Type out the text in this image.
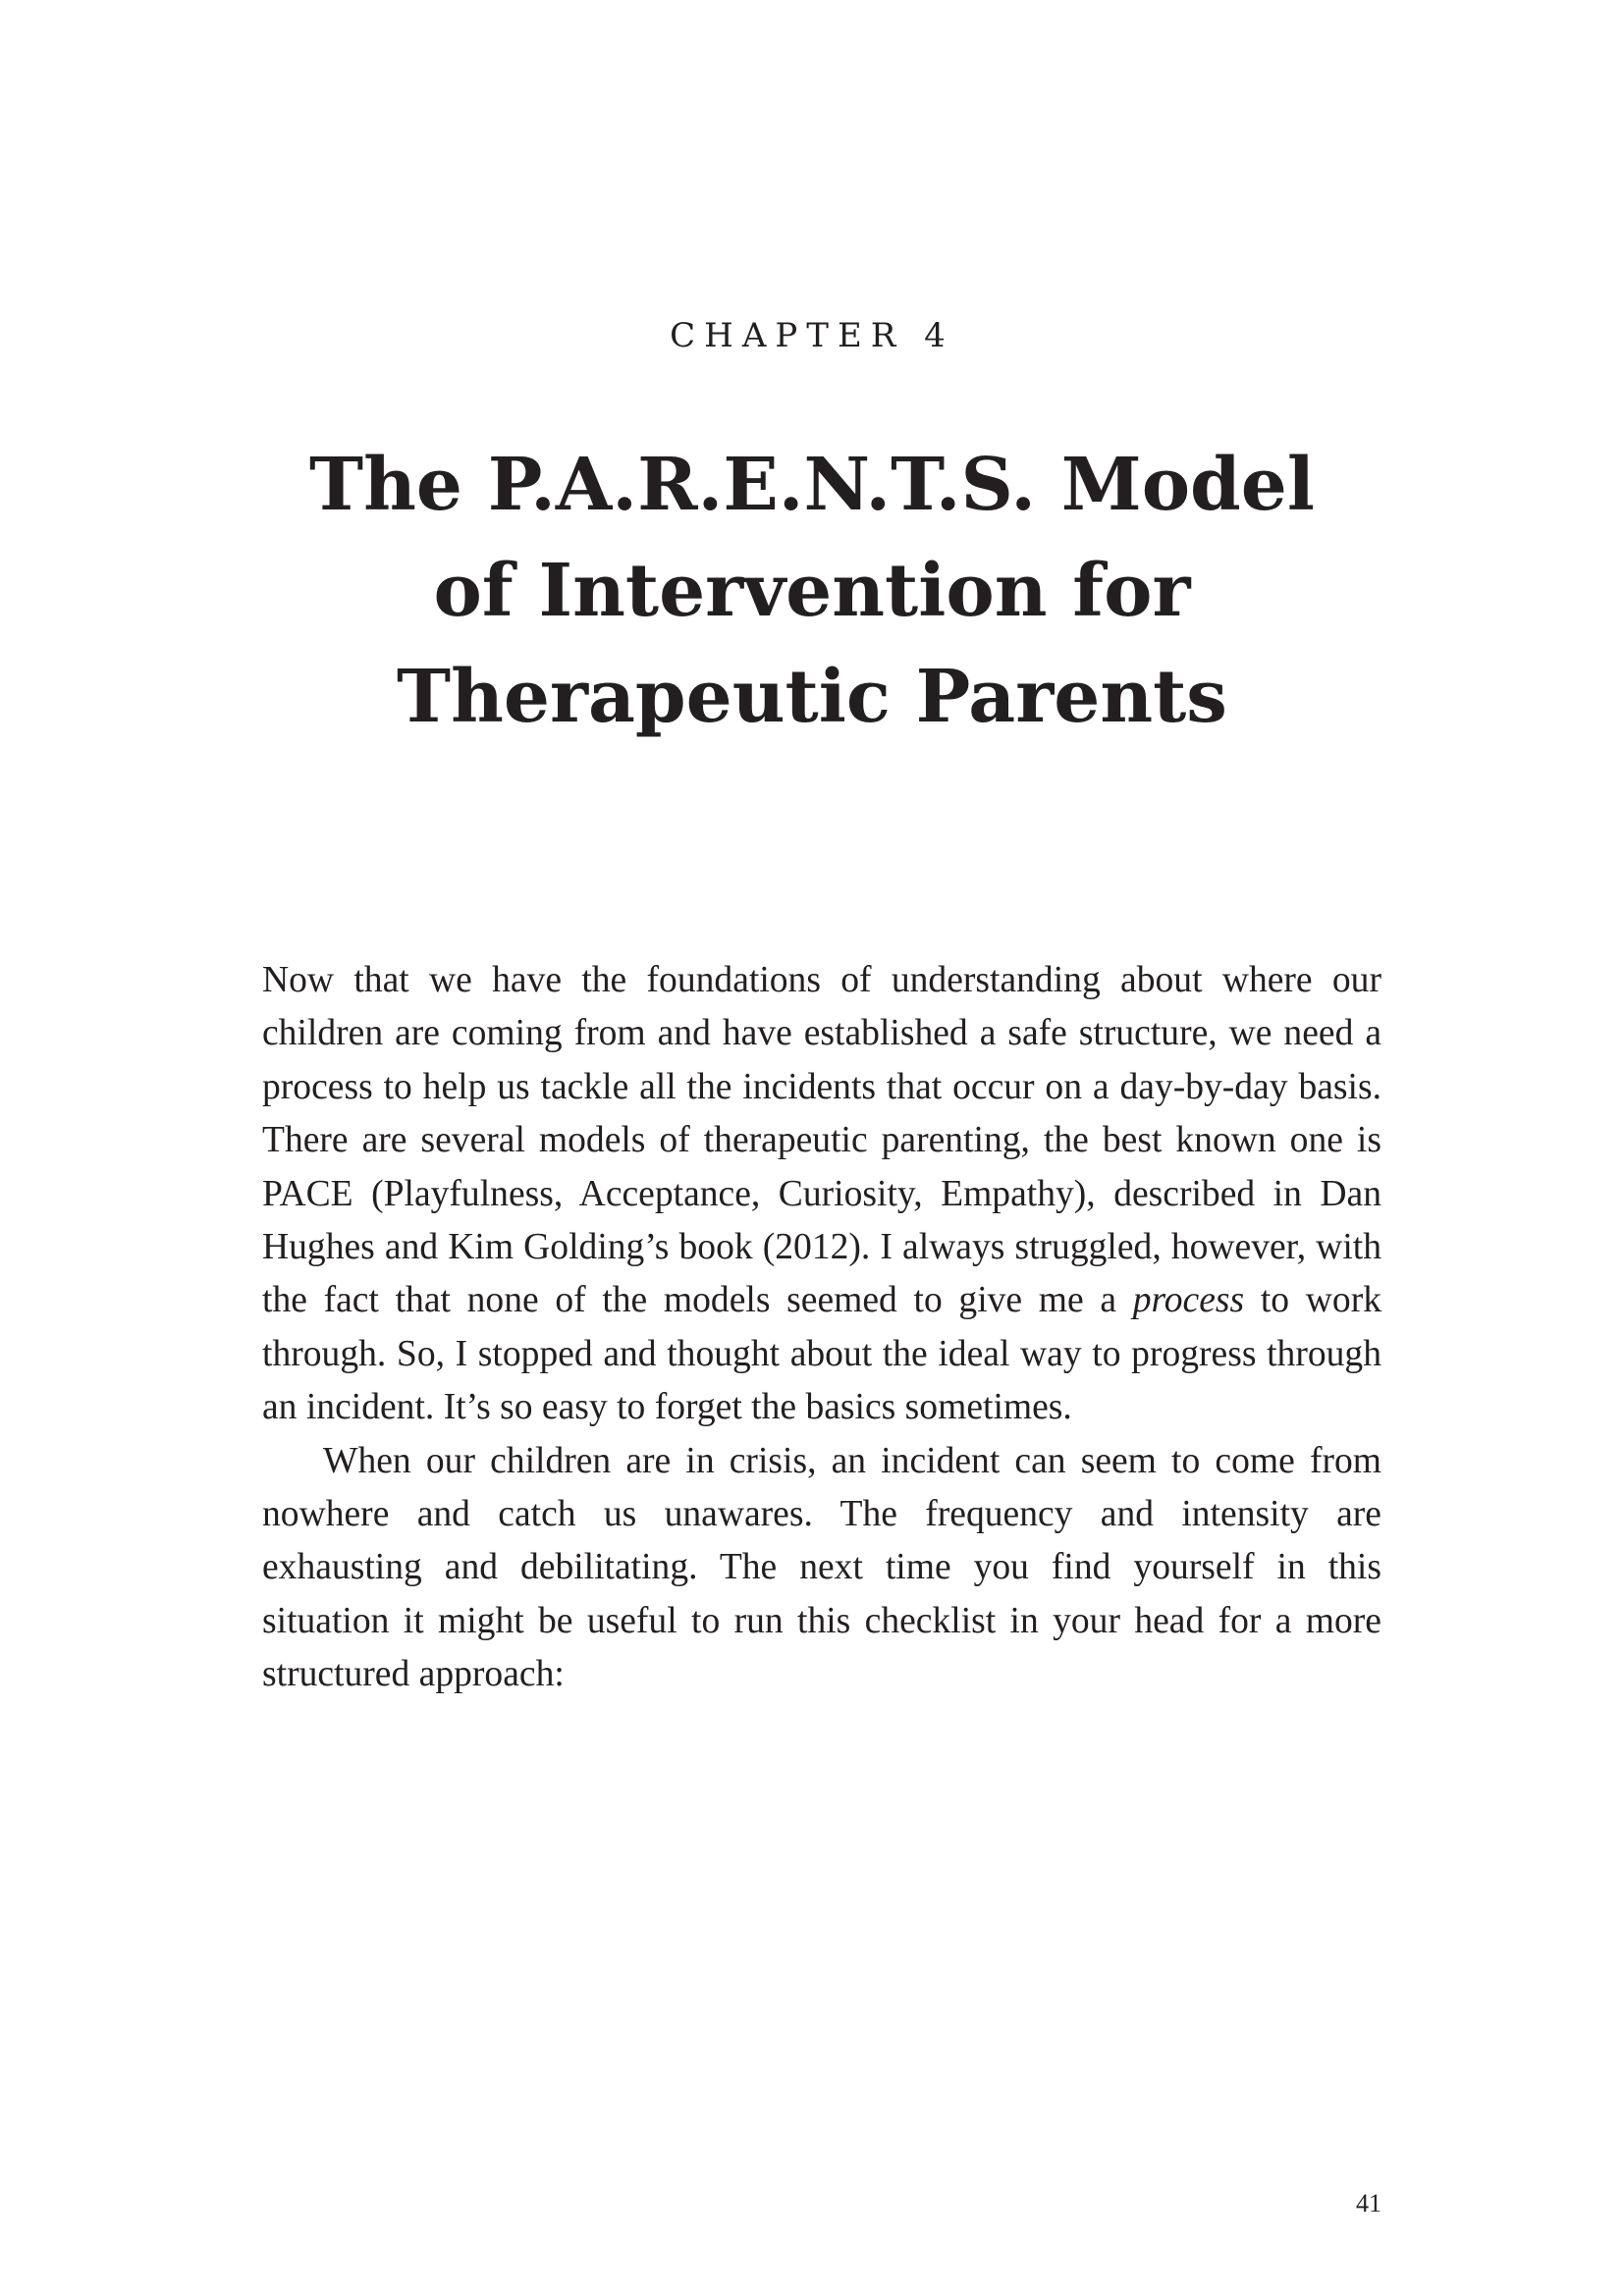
CHAPTER 4
The P.A.R.E.N.T.S. Model
of Intervention for
Therapeutic Parents

Now that we have the foundations of understanding about where our children are coming from and have established a safe structure, we need a process to help us tackle all the incidents that occur on a day-by-day basis. There are several models of therapeutic parenting, the best known one is PACE (Playfulness, Acceptance, Curiosity, Empathy), described in Dan Hughes and Kim Golding’s book (2012). I always struggled, however, with the fact that none of the models seemed to give me a process to work through. So, I stopped and thought about the ideal way to progress through an incident. It’s so easy to forget the basics sometimes.

When our children are in crisis, an incident can seem to come from nowhere and catch us unawares. The frequency and intensity are exhausting and debilitating. The next time you find yourself in this situation it might be useful to run this checklist in your head for a more structured approach:

41
